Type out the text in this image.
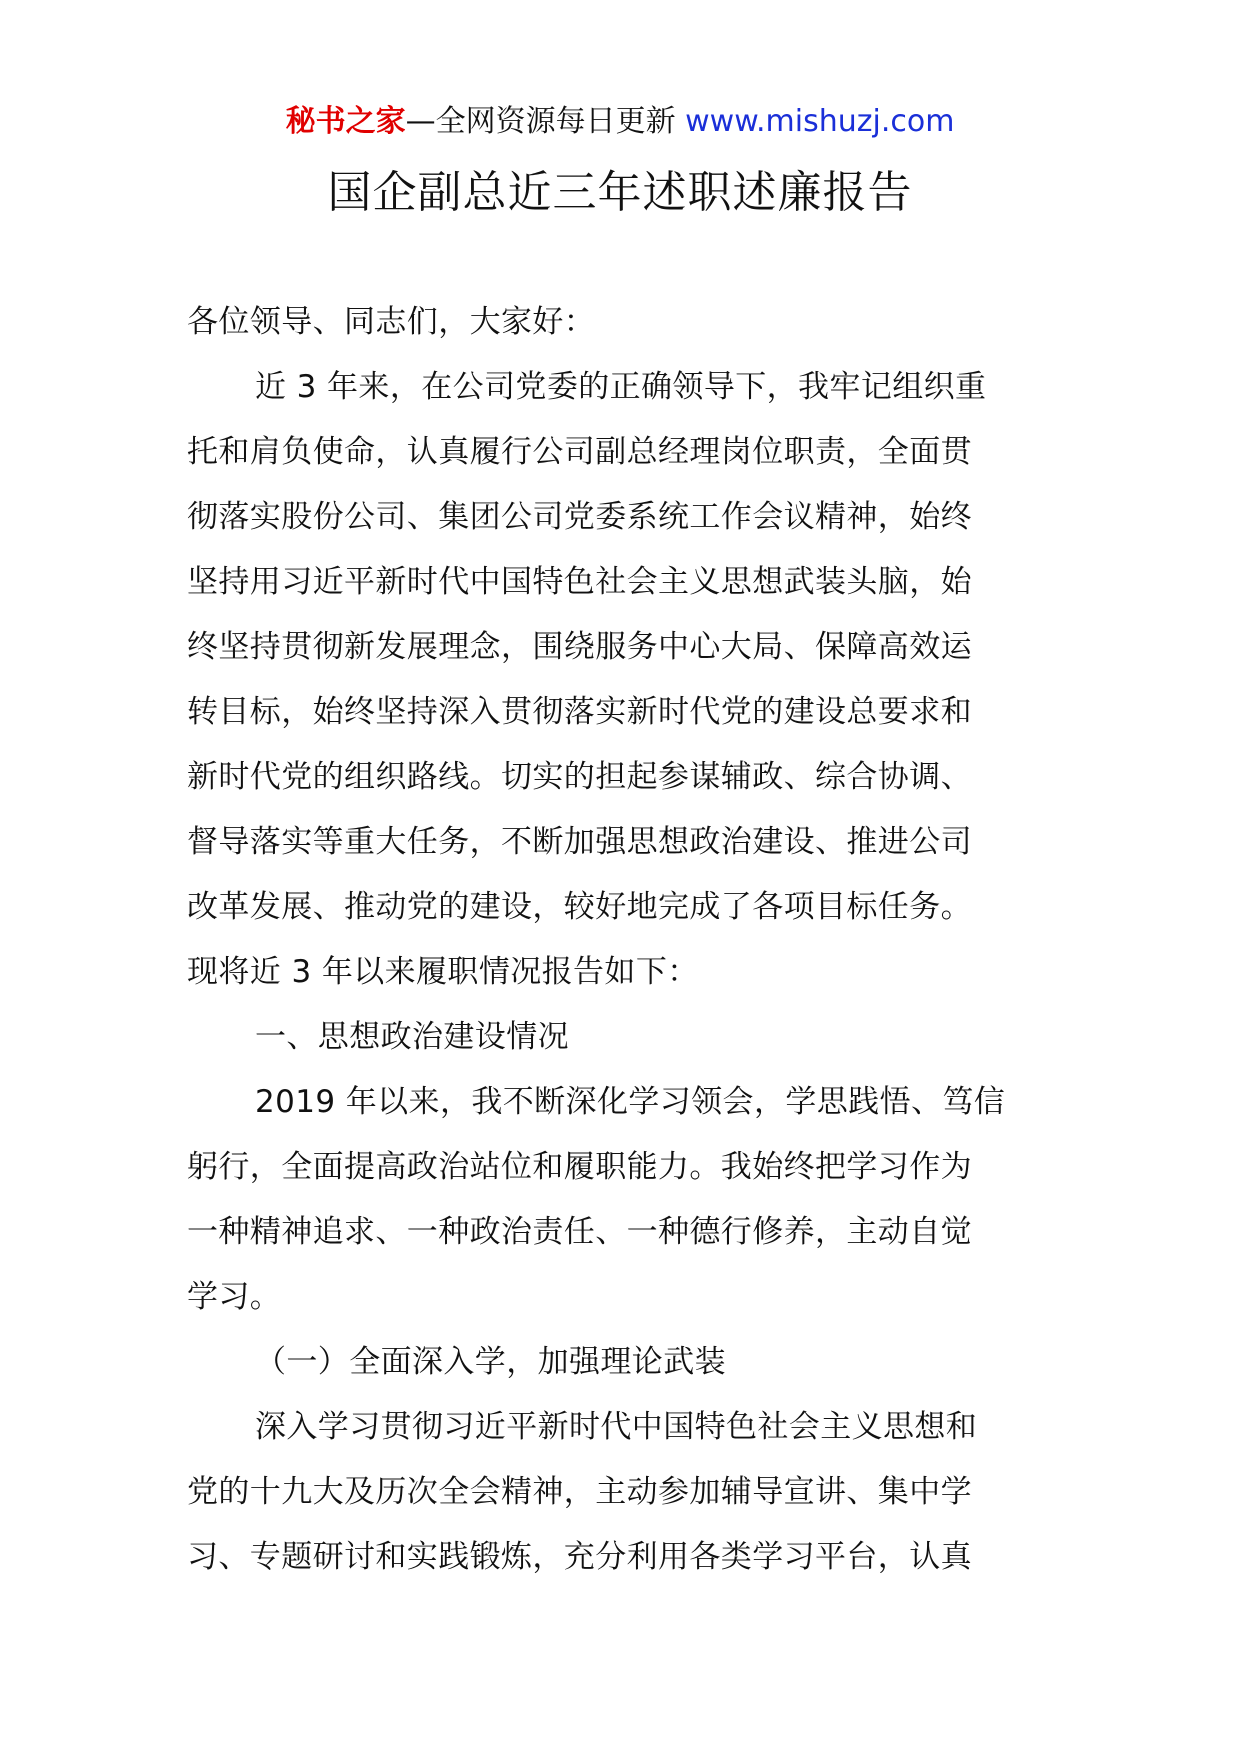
秘书之家—全网资源每日更新 www.mishuzj.com
国企副总近三年述职述廉报告
各位领导、同志们，大家好：
近 3 年来，在公司党委的正确领导下，我牢记组织重
托和肩负使命，认真履行公司副总经理岗位职责，全面贯
彻落实股份公司、集团公司党委系统工作会议精神，始终
坚持用习近平新时代中国特色社会主义思想武装头脑，始
终坚持贯彻新发展理念，围绕服务中心大局、保障高效运
转目标，始终坚持深入贯彻落实新时代党的建设总要求和
新时代党的组织路线。切实的担起参谋辅政、综合协调、
督导落实等重大任务，不断加强思想政治建设、推进公司
改革发展、推动党的建设，较好地完成了各项目标任务。
现将近 3 年以来履职情况报告如下：
一、思想政治建设情况
2019 年以来，我不断深化学习领会，学思践悟、笃信
躬行，全面提高政治站位和履职能力。我始终把学习作为
一种精神追求、一种政治责任、一种德行修养，主动自觉
学习。
（一）全面深入学，加强理论武装
深入学习贯彻习近平新时代中国特色社会主义思想和
党的十九大及历次全会精神，主动参加辅导宣讲、集中学
习、专题研讨和实践锻炼，充分利用各类学习平台，认真
